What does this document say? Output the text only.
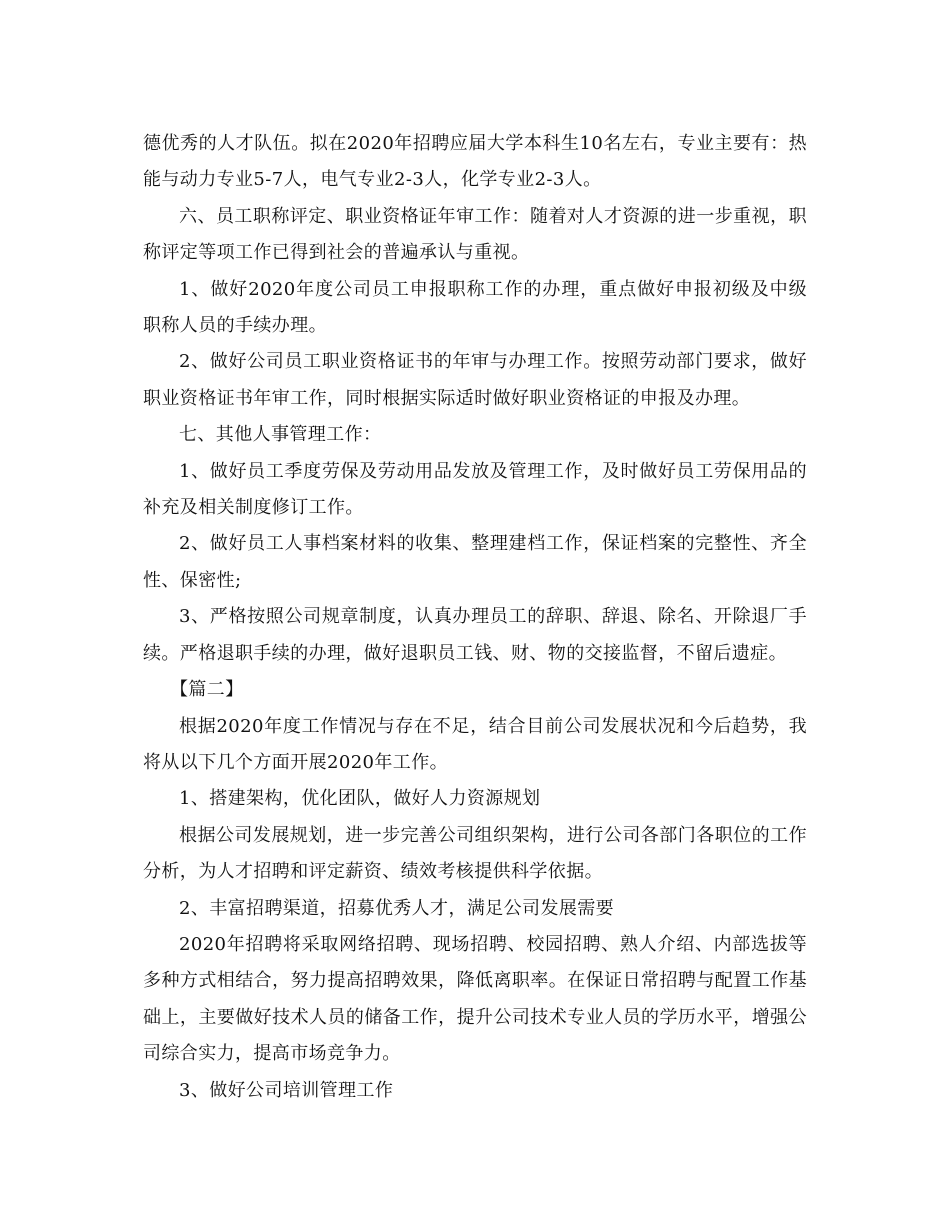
德优秀的人才队伍。拟在2020年招聘应届大学本科生10名左右，专业主要有：热能与动力专业5-7人，电气专业2-3人，化学专业2-3人。

六、员工职称评定、职业资格证年审工作：随着对人才资源的进一步重视，职称评定等项工作已得到社会的普遍承认与重视。

1、做好2020年度公司员工申报职称工作的办理，重点做好申报初级及中级职称人员的手续办理。

2、做好公司员工职业资格证书的年审与办理工作。按照劳动部门要求，做好职业资格证书年审工作，同时根据实际适时做好职业资格证的申报及办理。

七、其他人事管理工作：

1、做好员工季度劳保及劳动用品发放及管理工作，及时做好员工劳保用品的补充及相关制度修订工作。

2、做好员工人事档案材料的收集、整理建档工作，保证档案的完整性、齐全性、保密性;

3、严格按照公司规章制度，认真办理员工的辞职、辞退、除名、开除退厂手续。严格退职手续的办理，做好退职员工钱、财、物的交接监督，不留后遗症。

【篇二】

根据2020年度工作情况与存在不足，结合目前公司发展状况和今后趋势，我将从以下几个方面开展2020年工作。

1、搭建架构，优化团队，做好人力资源规划

根据公司发展规划，进一步完善公司组织架构，进行公司各部门各职位的工作分析，为人才招聘和评定薪资、绩效考核提供科学依据。

2、丰富招聘渠道，招募优秀人才，满足公司发展需要

2020年招聘将采取网络招聘、现场招聘、校园招聘、熟人介绍、内部选拔等多种方式相结合，努力提高招聘效果，降低离职率。在保证日常招聘与配置工作基础上，主要做好技术人员的储备工作，提升公司技术专业人员的学历水平，增强公司综合实力，提高市场竞争力。

3、做好公司培训管理工作
